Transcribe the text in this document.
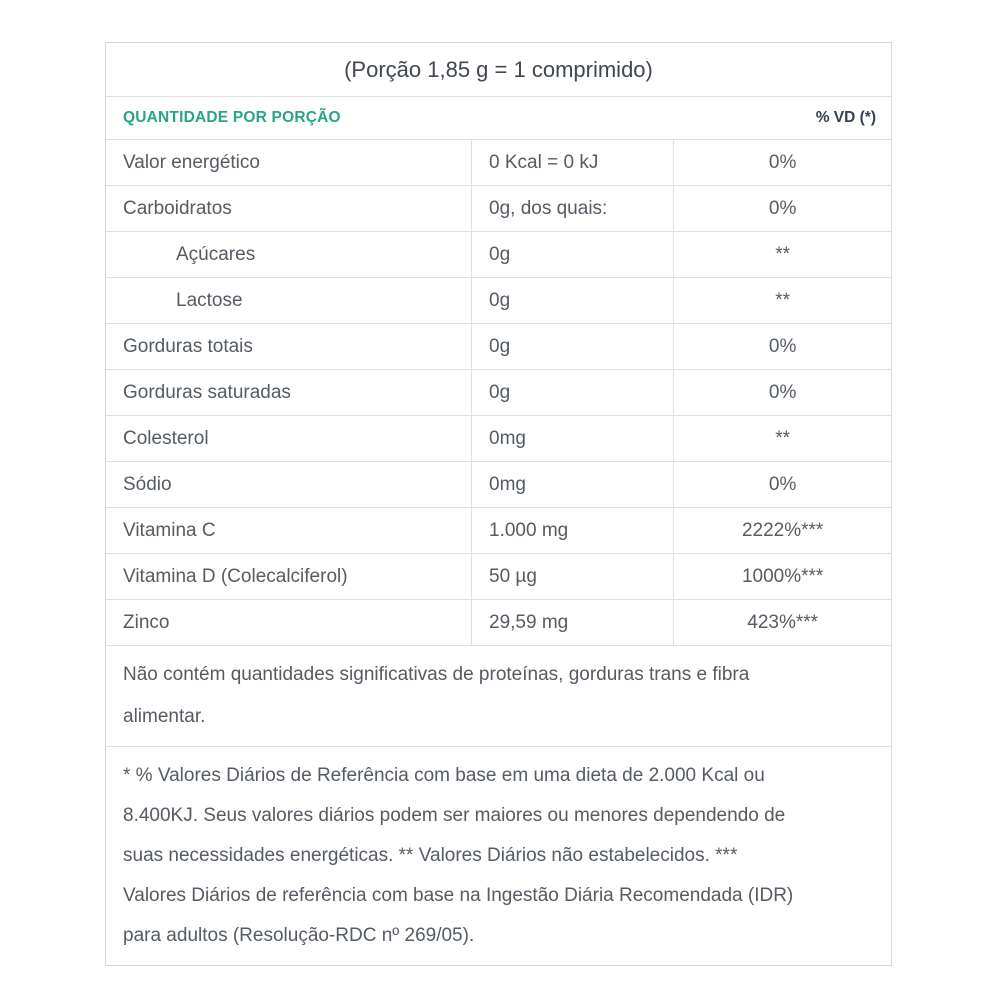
(Porção 1,85 g = 1 comprimido)
QUANTIDADE POR PORÇÃO	% VD (*)
Valor energético	0 Kcal = 0 kJ	0%
Carboidratos	0g, dos quais:	0%
Açúcares	0g	**
Lactose	0g	**
Gorduras totais	0g	0%
Gorduras saturadas	0g	0%
Colesterol	0mg	**
Sódio	0mg	0%
Vitamina C	1.000 mg	2222%***
Vitamina D (Colecalciferol)	50 µg	1000%***
Zinco	29,59 mg	423%***
Não contém quantidades significativas de proteínas, gorduras trans e fibra
alimentar.
* % Valores Diários de Referência com base em uma dieta de 2.000 Kcal ou
8.400KJ. Seus valores diários podem ser maiores ou menores dependendo de
suas necessidades energéticas. ** Valores Diários não estabelecidos. ***
Valores Diários de referência com base na Ingestão Diária Recomendada (IDR)
para adultos (Resolução-RDC nº 269/05).
